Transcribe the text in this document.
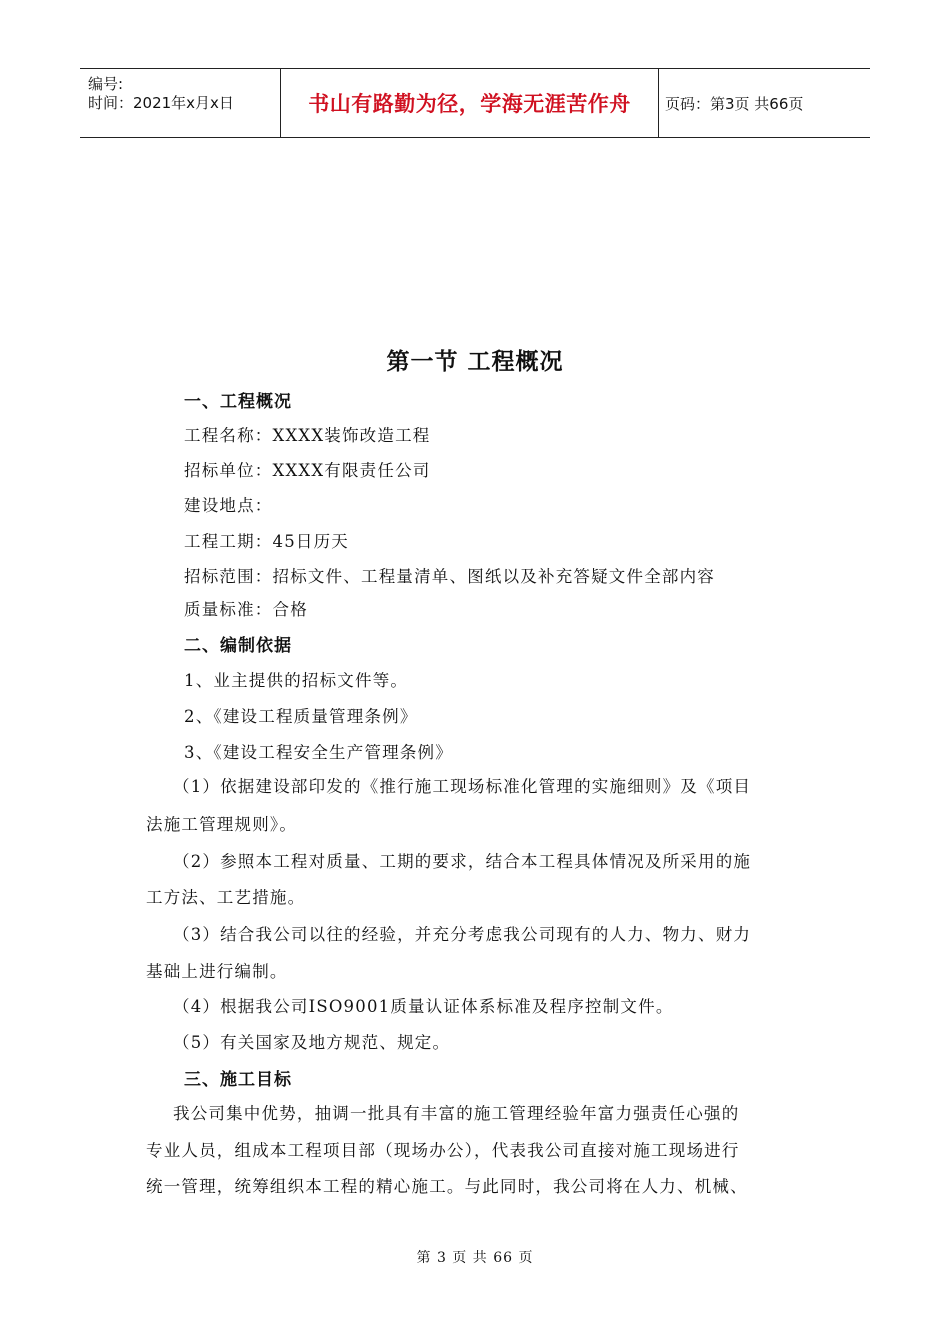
编号:
时间：2021年x月x日	书山有路勤为径，学海无涯苦作舟 页码：第3页 共66页
第一节 工程概况
一、工程概况
工程名称：XXXX装饰改造工程
招标单位：XXXX有限责任公司
建设地点：
工程工期：45日历天
招标范围：招标文件、工程量清单、图纸以及补充答疑文件全部内容
质量标准：合格
二、编制依据
1、业主提供的招标文件等。
2、《建设工程质量管理条例》
3、《建设工程安全生产管理条例》
（1）依据建设部印发的《推行施工现场标准化管理的实施细则》及《项目
法施工管理规则》。
（2）参照本工程对质量、工期的要求，结合本工程具体情况及所采用的施
工方法、工艺措施。
（3）结合我公司以往的经验，并充分考虑我公司现有的人力、物力、财力
基础上进行编制。
（4）根据我公司ISO9001质量认证体系标准及程序控制文件。
（5）有关国家及地方规范、规定。
三、施工目标
我公司集中优势，抽调一批具有丰富的施工管理经验年富力强责任心强的
专业人员，组成本工程项目部（现场办公），代表我公司直接对施工现场进行
统一管理，统筹组织本工程的精心施工。与此同时，我公司将在人力、机械、
第 3 页 共 66 页
